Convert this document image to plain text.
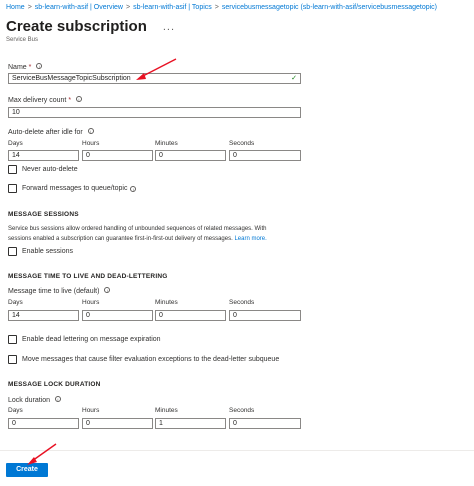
Home > sb-learn-with-asif | Overview > sb-learn-with-asif | Topics > servicebusmessagetopic (sb-learn-with-asif/servicebusmessagetopic)
Create subscription ...
Service Bus
Name * i
ServiceBusMessageTopicSubscription	✓
Max delivery count * i
10
Auto-delete after idle for i
Days	Hours	Minutes	Seconds
14	0	0	0
Never auto-delete
Forward messages to queue/topic	i
MESSAGE SESSIONS
Service bus sessions allow ordered handling of unbounded sequences of related messages. With
sessions enabled a subscription can guarantee first-in-first-out delivery of messages. Learn more.
Enable sessions
MESSAGE TIME TO LIVE AND DEAD-LETTERING
Message time to live (default) i
Days	Hours	Minutes	Seconds
14	0	0	0
Enable dead lettering on message expiration
Move messages that cause filter evaluation exceptions to the dead-letter subqueue
MESSAGE LOCK DURATION
Lock duration i
Days	Hours	Minutes	Seconds
0	0	1	0
Create
